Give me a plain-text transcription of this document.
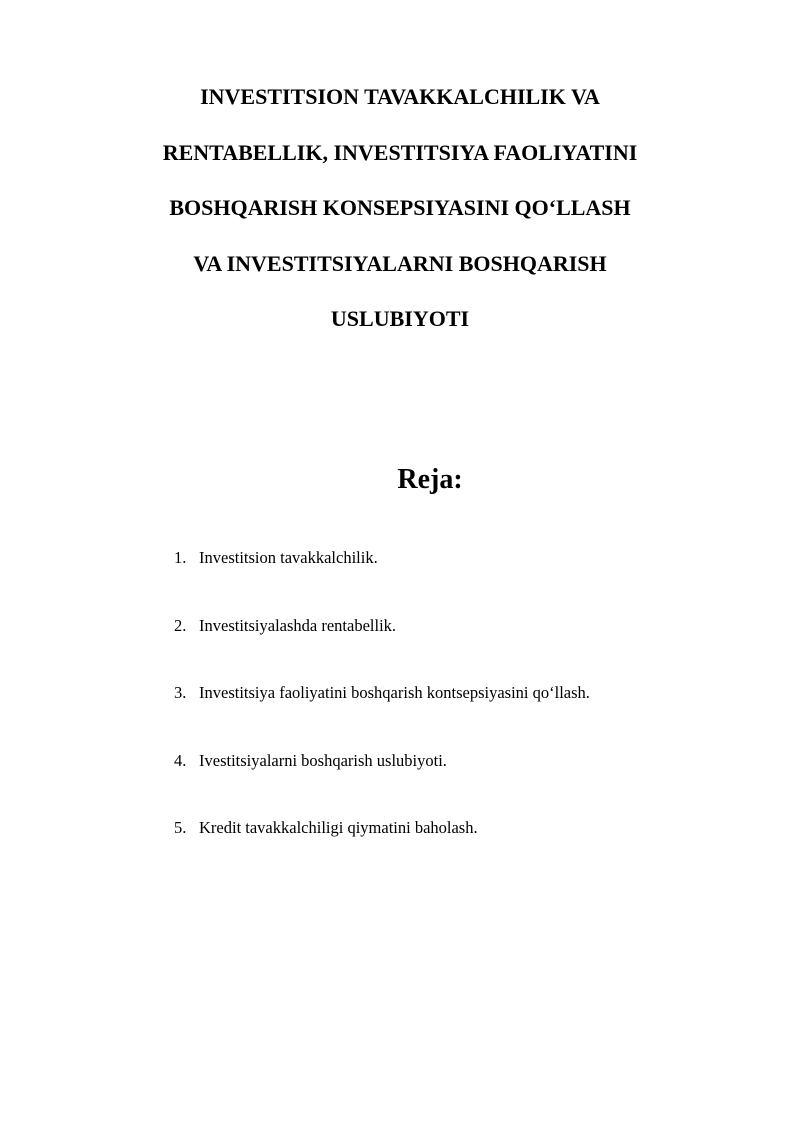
INVESTITSION TAVAKKALCHILIK VA
RENTABELLIK, INVESTITSIYA FAOLIYATINI
BOSHQARISH KONSEPSIYASINI QO‘LLASH
VA INVESTITSIYALARNI BOSHQARISH
USLUBIYOTI
Reja:
1. Investitsion tavakkalchilik.
2. Investitsiyalashda rentabellik.
3. Investitsiya faoliyatini boshqarish kontsepsiyasini qo‘llash.
4. Ivestitsiyalarni boshqarish uslubiyoti.
5. Kredit tavakkalchiligi qiymatini baholash.
